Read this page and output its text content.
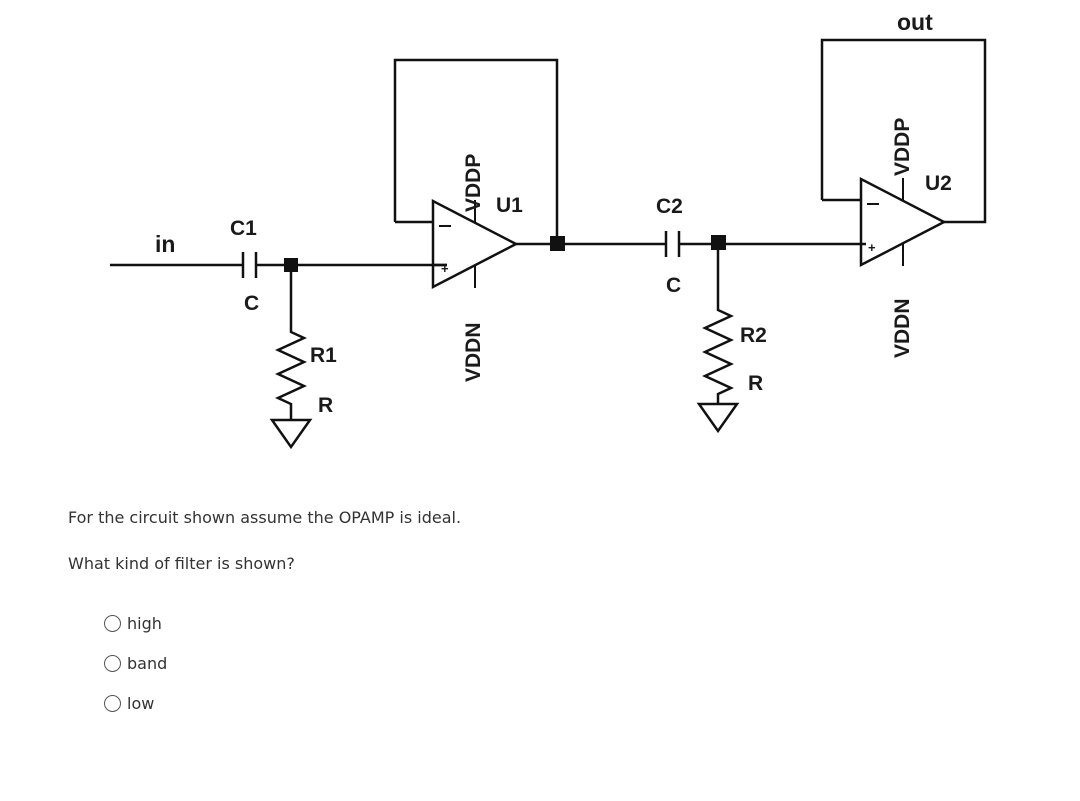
in
out
C1
C
R1
R
C2
C
R2
R
U1
U2
-
+
-
+
VDDP
VDDN
VDDP
VDDN
For the circuit shown assume the OPAMP is ideal.
What kind of filter is shown?
high
band
low
